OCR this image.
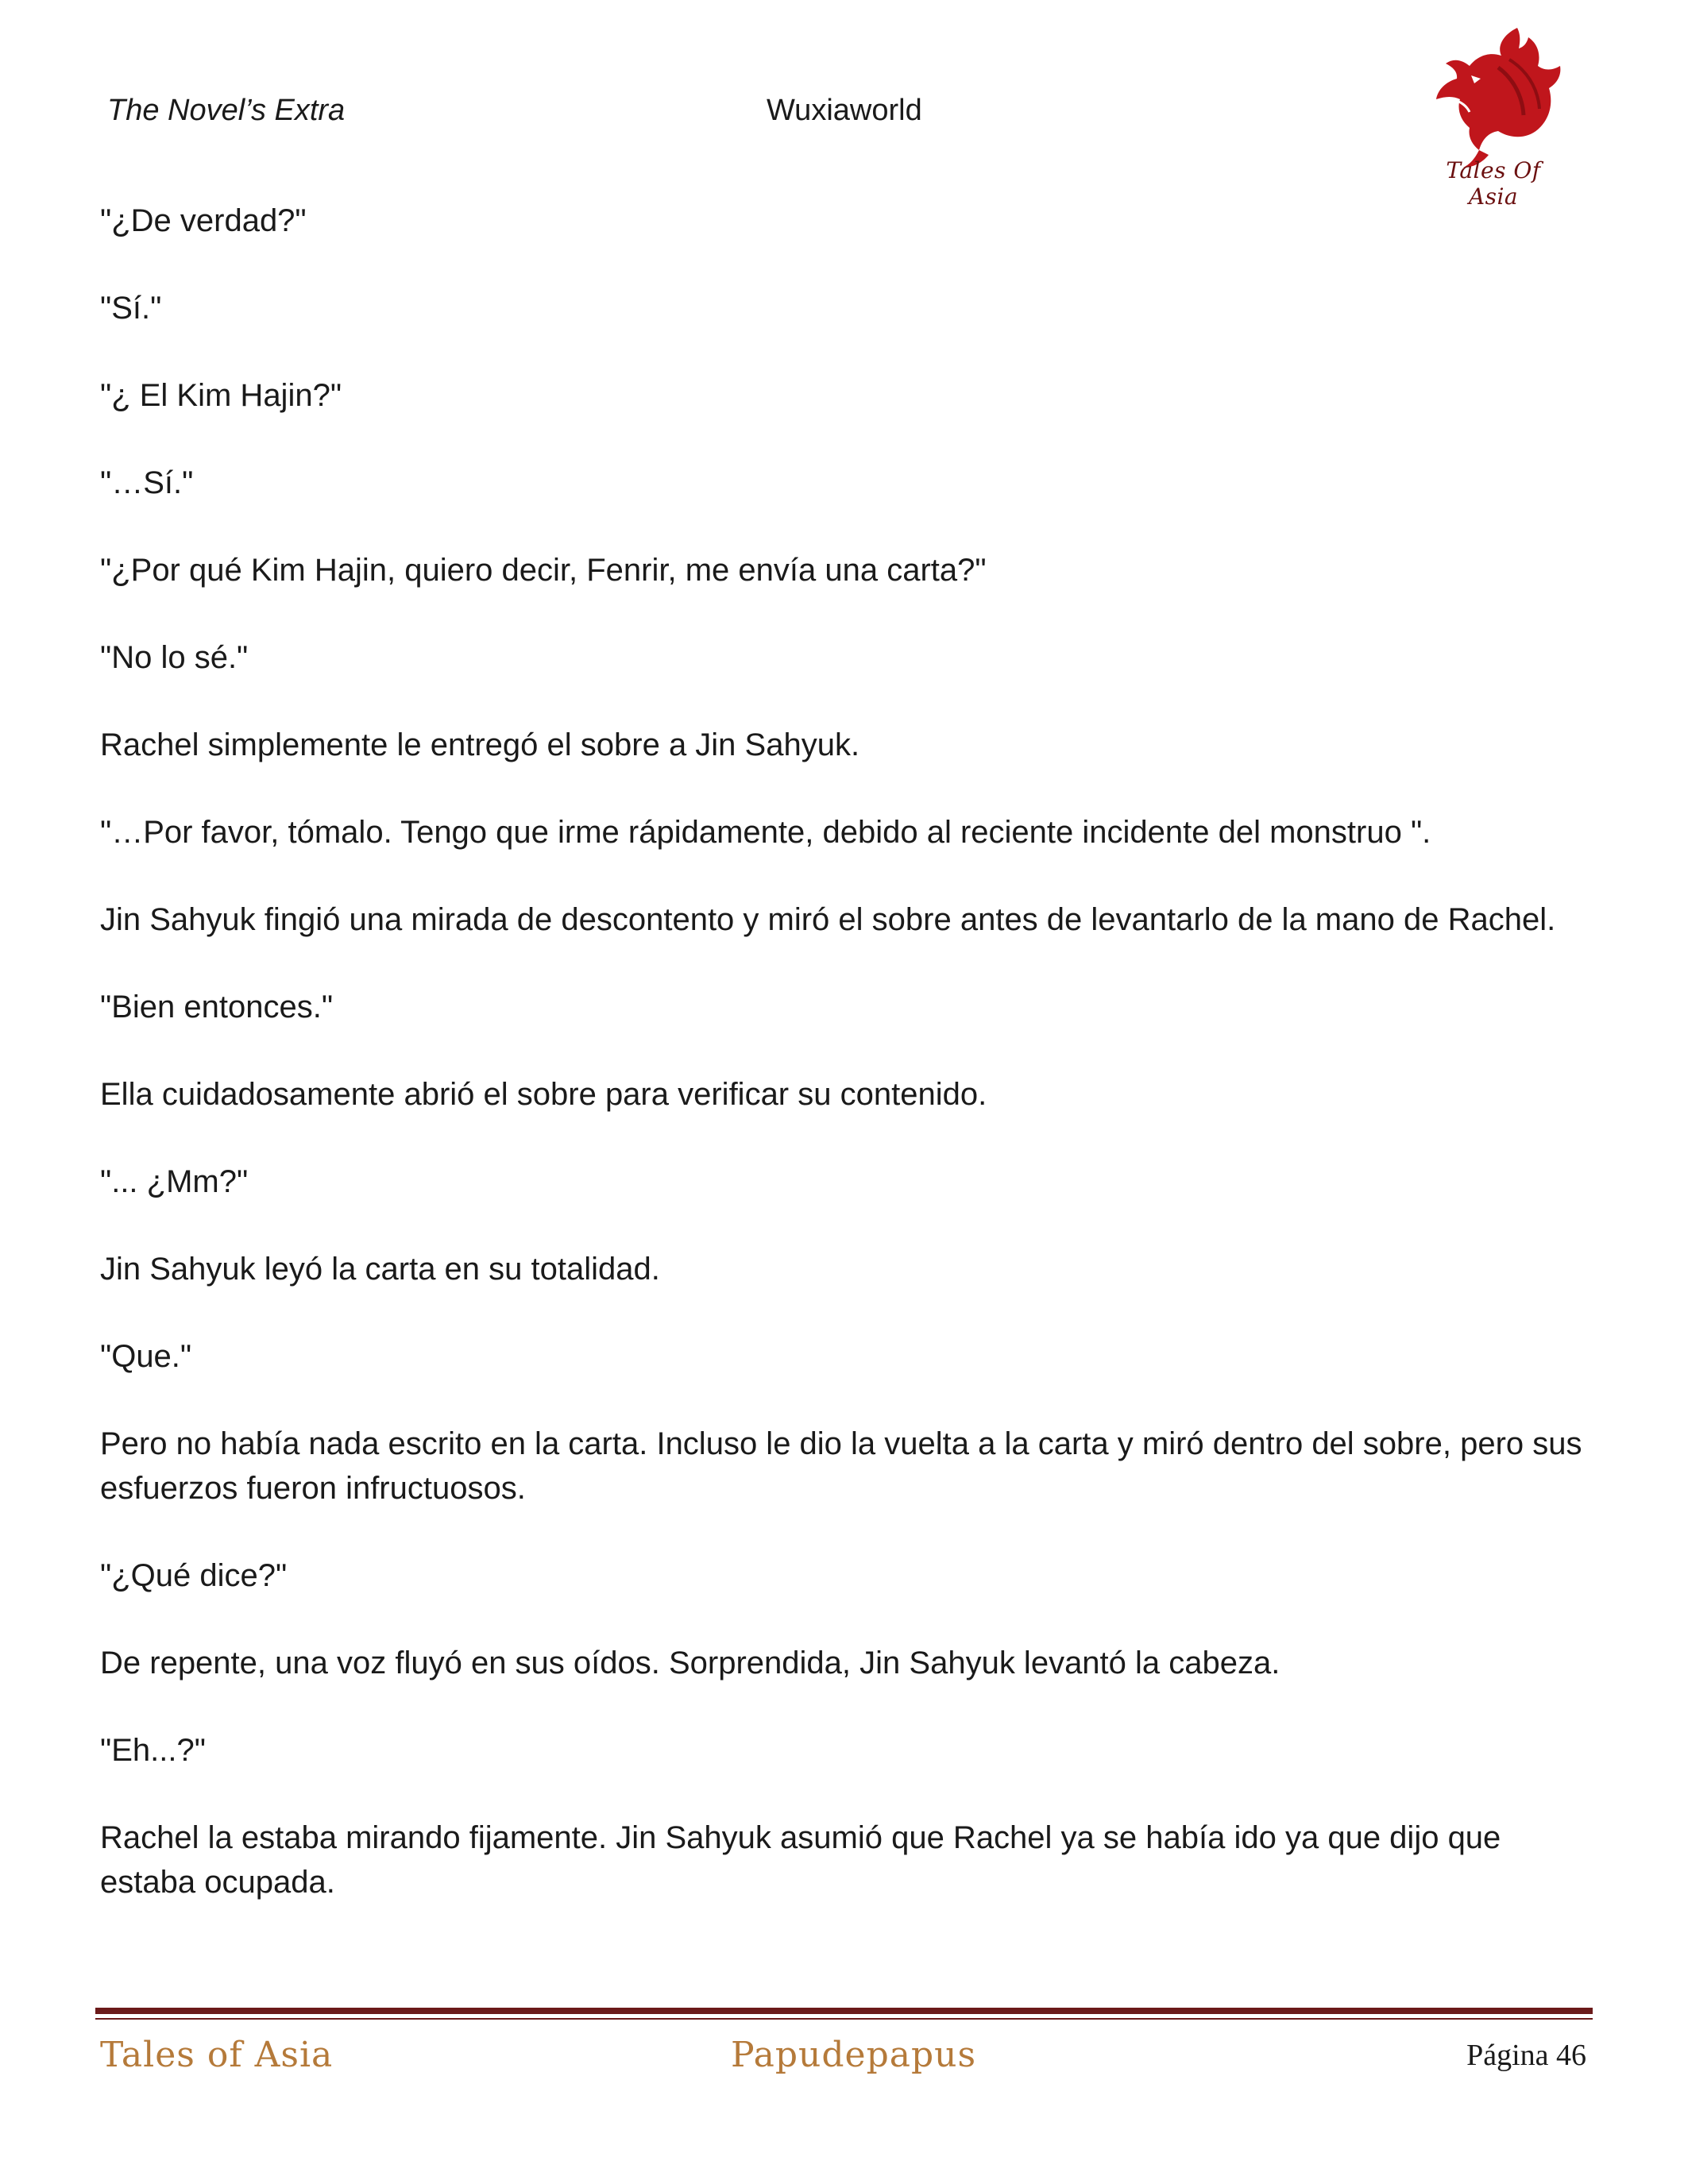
The Novel’s Extra	Wuxiaworld
Tales Of Asia

"¿De verdad?"

"Sí."

"¿ El Kim Hajin?"

"…Sí."

"¿Por qué Kim Hajin, quiero decir, Fenrir, me envía una carta?"

"No lo sé."

Rachel simplemente le entregó el sobre a Jin Sahyuk.

"…Por favor, tómalo. Tengo que irme rápidamente, debido al reciente incidente del monstruo ".

Jin Sahyuk fingió una mirada de descontento y miró el sobre antes de levantarlo de la mano de Rachel.

"Bien entonces."

Ella cuidadosamente abrió el sobre para verificar su contenido.

"... ¿Mm?"

Jin Sahyuk leyó la carta en su totalidad.

"Que."

Pero no había nada escrito en la carta. Incluso le dio la vuelta a la carta y miró dentro del sobre, pero sus esfuerzos fueron infructuosos.

"¿Qué dice?"

De repente, una voz fluyó en sus oídos. Sorprendida, Jin Sahyuk levantó la cabeza.

"Eh...?"

Rachel la estaba mirando fijamente. Jin Sahyuk asumió que Rachel ya se había ido ya que dijo que estaba ocupada.

Tales of Asia	Papudepapus	Página 46
